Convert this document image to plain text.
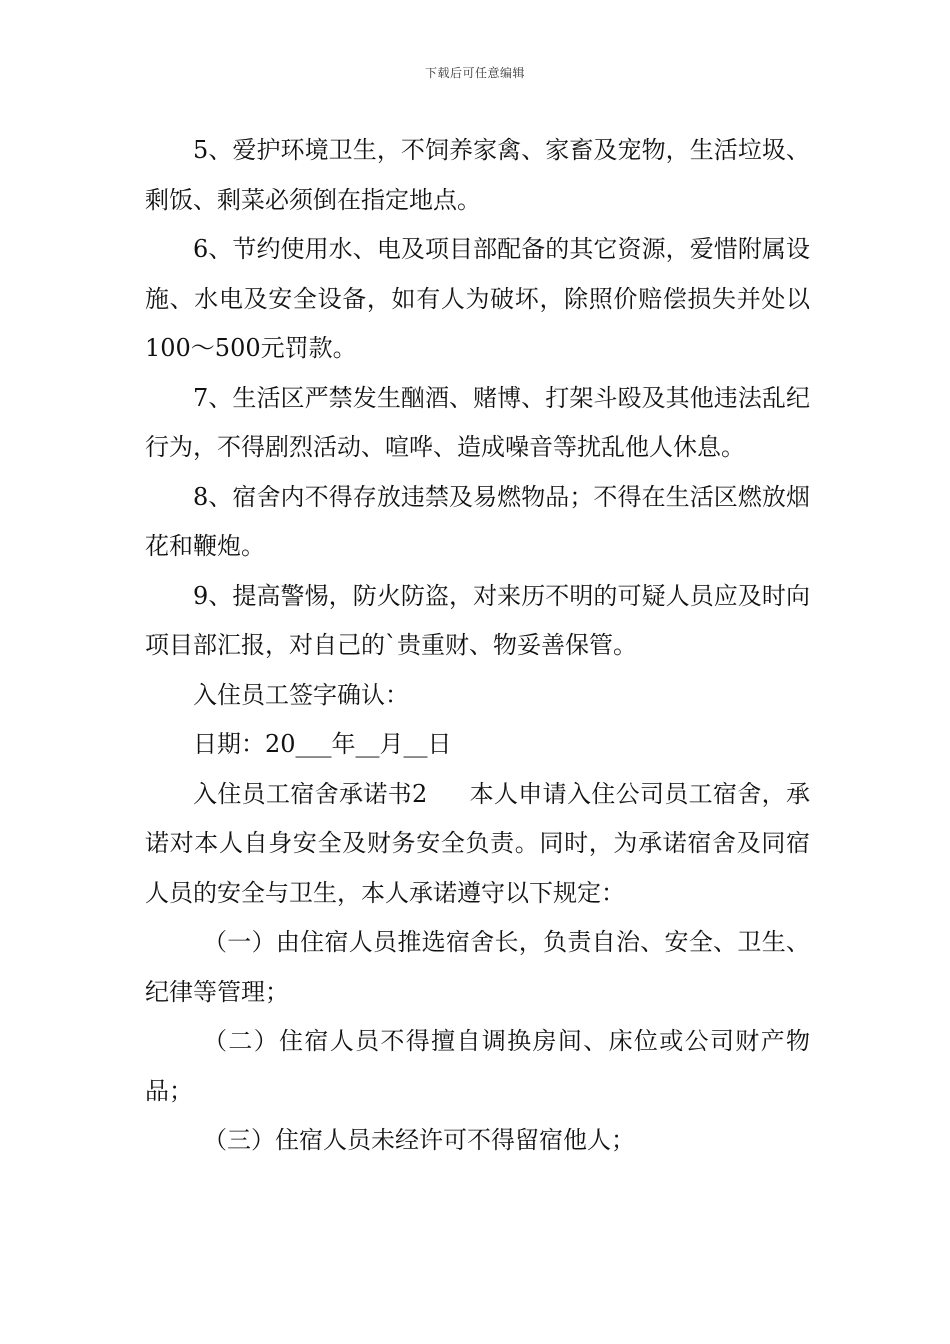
下载后可任意编辑

5、爱护环境卫生，不饲养家禽、家畜及宠物，生活垃圾、剩饭、剩菜必须倒在指定地点。

6、节约使用水、电及项目部配备的其它资源，爱惜附属设施、水电及安全设备，如有人为破坏，除照价赔偿损失并处以100～500元罚款。

7、生活区严禁发生酗酒、赌博、打架斗殴及其他违法乱纪行为，不得剧烈活动、喧哗、造成噪音等扰乱他人休息。

8、宿舍内不得存放违禁及易燃物品；不得在生活区燃放烟花和鞭炮。

9、提高警惕，防火防盗，对来历不明的可疑人员应及时向项目部汇报，对自己的`贵重财、物妥善保管。

入住员工签字确认：

日期：20___年__月__日

入住员工宿舍承诺书2 本人申请入住公司员工宿舍，承诺对本人自身安全及财务安全负责。同时，为承诺宿舍及同宿人员的安全与卫生，本人承诺遵守以下规定：

（一）由住宿人员推选宿舍长，负责自治、安全、卫生、纪律等管理；

（二）住宿人员不得擅自调换房间、床位或公司财产物品；

（三）住宿人员未经许可不得留宿他人；
